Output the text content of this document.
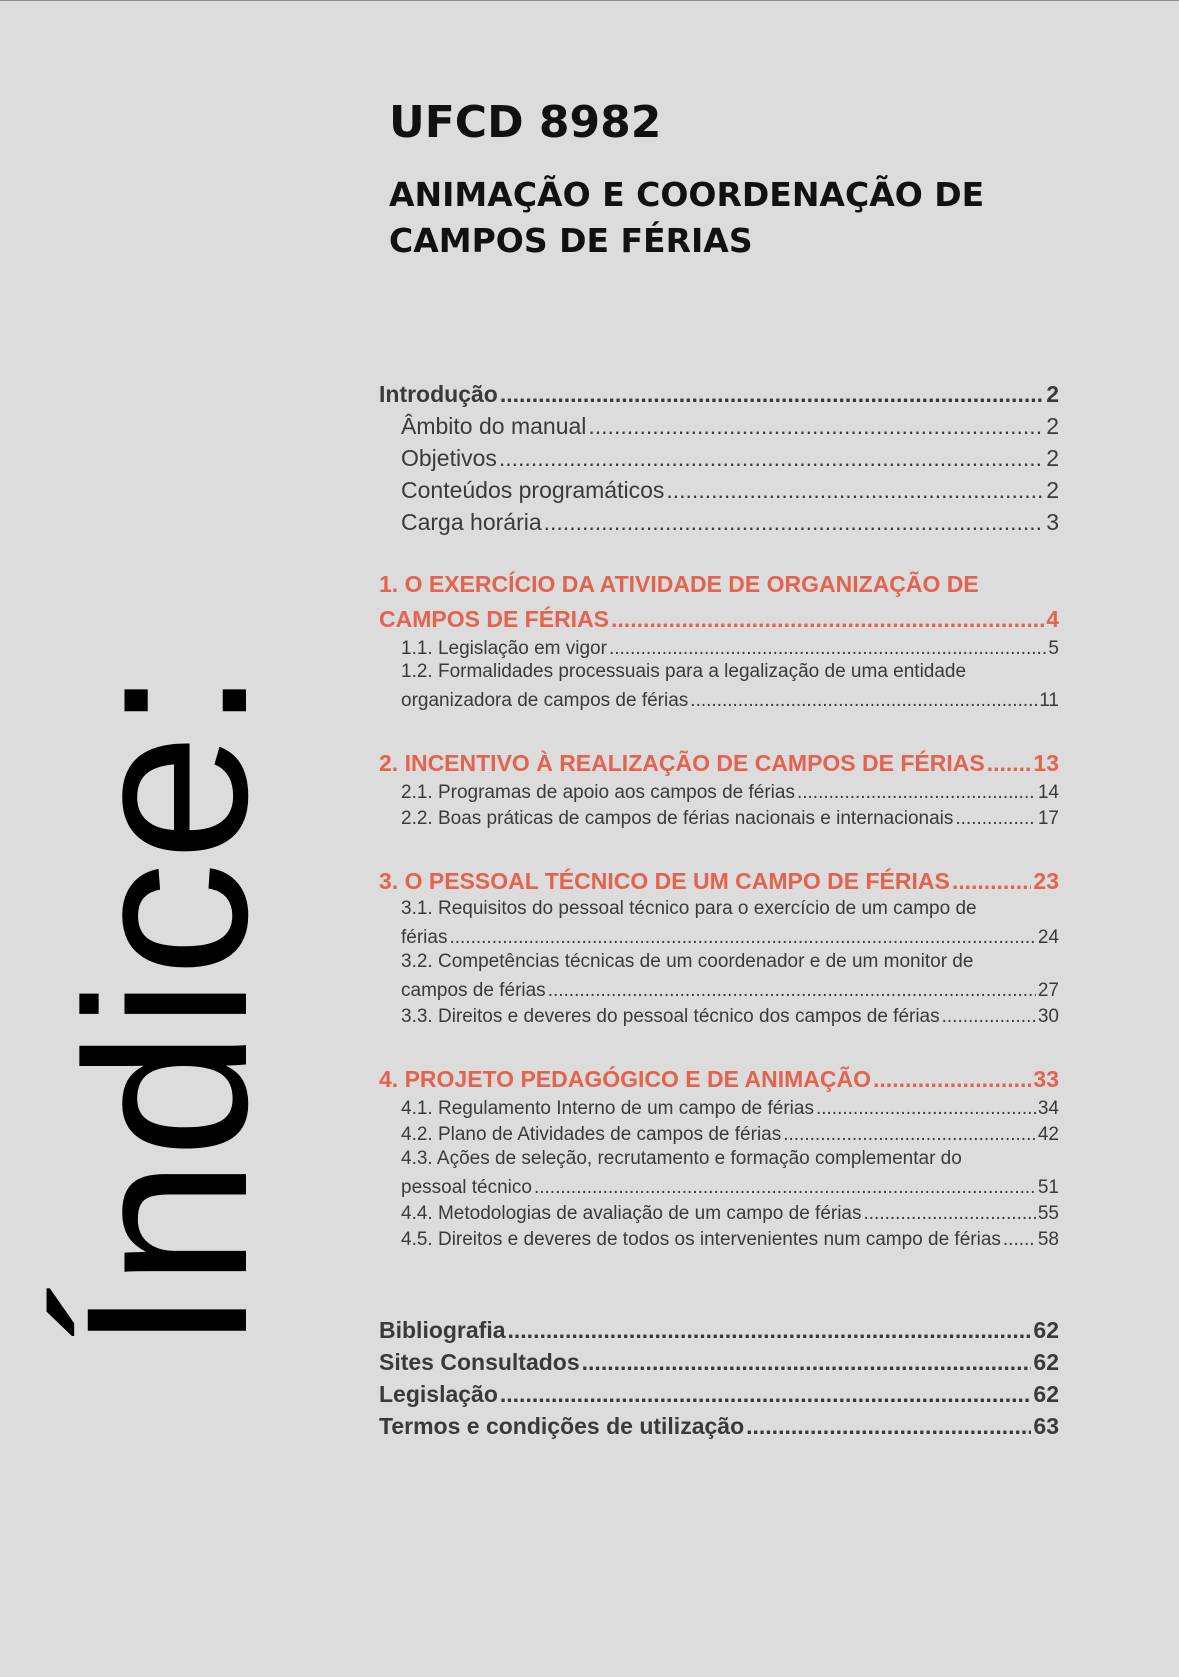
Índice:
UFCD 8982
ANIMAÇÃO E COORDENAÇÃO DE
CAMPOS DE FÉRIAS
Introdução .....	2
Âmbito do manual .....	2
Objetivos .....	2
Conteúdos programáticos .....	2
Carga horária .....	3
1. O EXERCÍCIO DA ATIVIDADE DE ORGANIZAÇÃO DE
CAMPOS DE FÉRIAS .....	4
1.1. Legislação em vigor .....	5
1.2. Formalidades processuais para a legalização de uma entidade
organizadora de campos de férias .....	11
2. INCENTIVO À REALIZAÇÃO DE CAMPOS DE FÉRIAS ..... 13
2.1. Programas de apoio aos campos de férias .....	14
2.2. Boas práticas de campos de férias nacionais e internacionais .....	17
3. O PESSOAL TÉCNICO DE UM CAMPO DE FÉRIAS .....	23
3.1. Requisitos do pessoal técnico para o exercício de um campo de
férias .....	24
3.2. Competências técnicas de um coordenador e de um monitor de
campos de férias .....	27
3.3. Direitos e deveres do pessoal técnico dos campos de férias .....	30
4. PROJETO PEDAGÓGICO E DE ANIMAÇÃO .....	33
4.1. Regulamento Interno de um campo de férias .....	34
4.2. Plano de Atividades de campos de férias .....	42
4.3. Ações de seleção, recrutamento e formação complementar do
pessoal técnico .....	51
4.4. Metodologias de avaliação de um campo de férias .....	55
4.5. Direitos e deveres de todos os intervenientes num campo de férias ..... 58
Bibliografia .....	62
Sites Consultados .....	62
Legislação .....	62
Termos e condições de utilização .....	63
